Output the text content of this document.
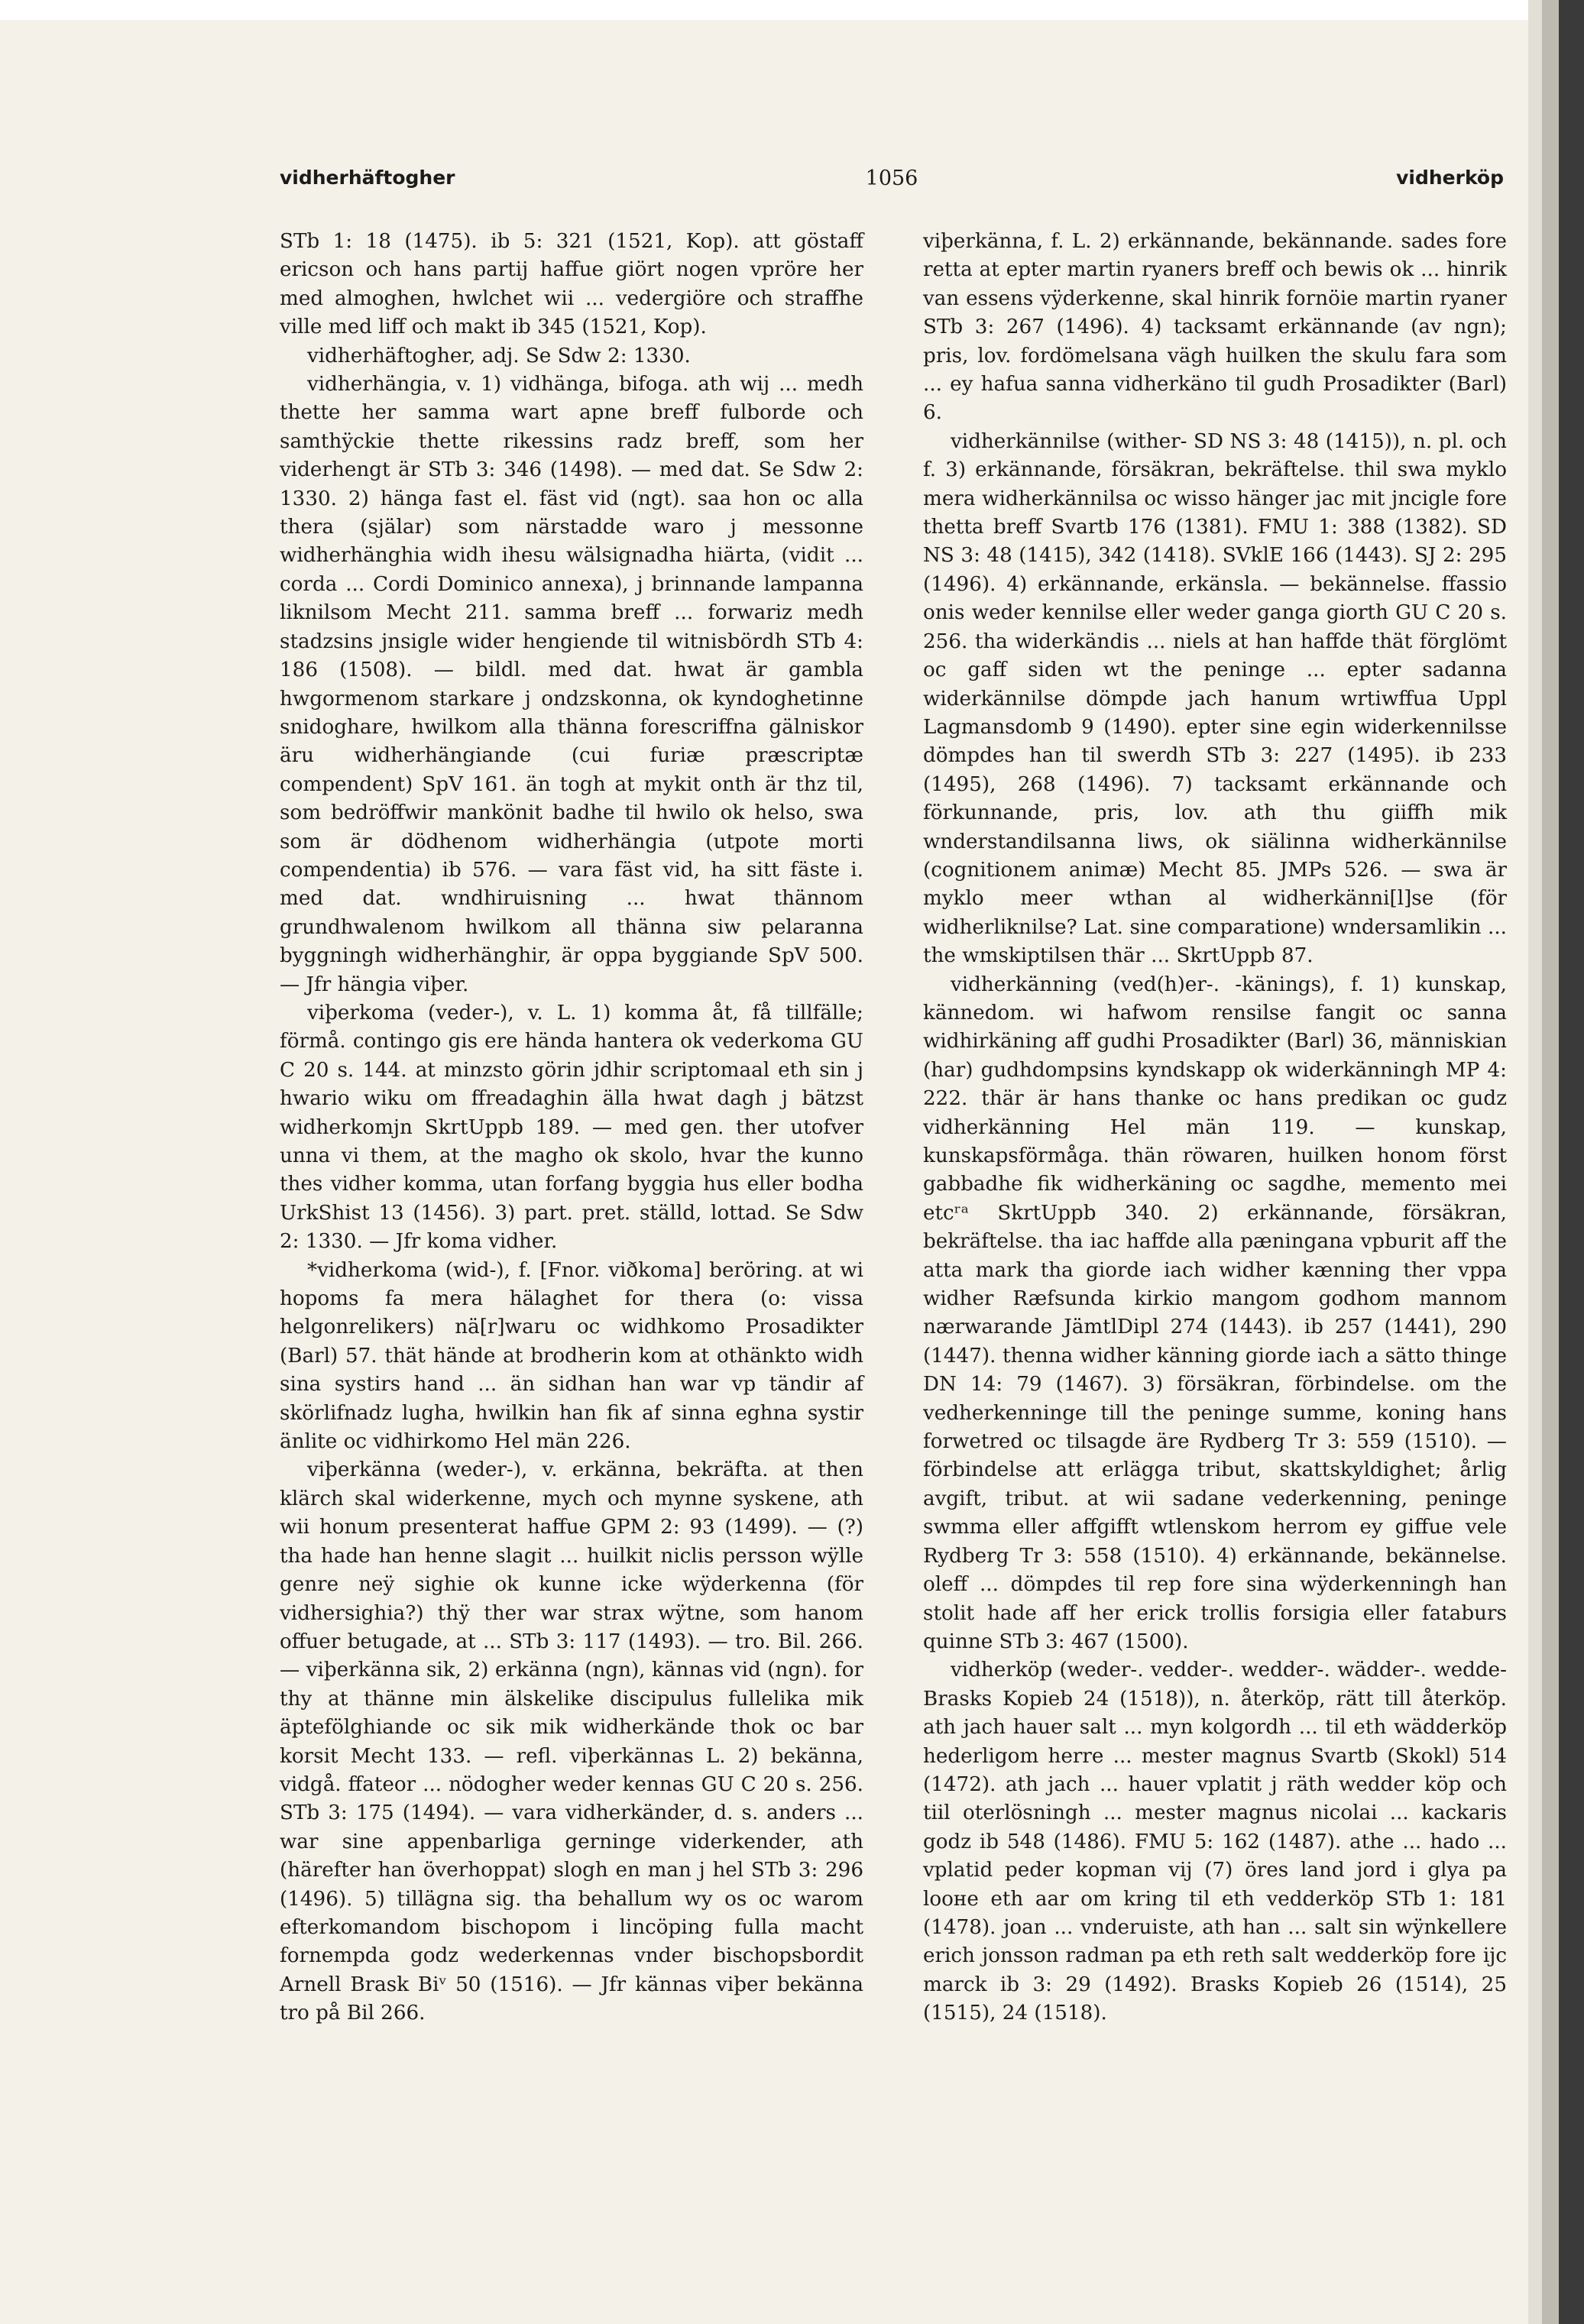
vidherhäftogher	1056	vidherköp

STb 1: 18 (1475). ib 5: 321 (1521, Kop). att göstaff ericson och hans partij haffue giört nogen vpröre her med almoghen, hwlchet wii ... vedergiöre och straffhe ville med liff och makt ib 345 (1521, Kop).

vidherhäftogher, adj. Se Sdw 2: 1330.

vidherhängia, v. 1) vidhänga, bifoga. ath wij ... medh thette her samma wart apne breff fulborde och samthÿckie thette rikessins radz breff, som her viderhengt är STb 3: 346 (1498). — med dat. Se Sdw 2: 1330. 2) hänga fast el. fäst vid (ngt). saa hon oc alla thera (själar) som närstadde waro j messonne widherhänghia widh ihesu wälsignadha hiärta, (vidit ... corda ... Cordi Dominico annexa), j brinnande lampanna liknilsom Mecht 211. samma breff ... forwariz medh stadzsins jnsigle wider hengiende til witnisbördh STb 4: 186 (1508). — bildl. med dat. hwat är gambla hwgormenom starkare j ondzskonna, ok kyndoghetinne snidoghare, hwilkom alla thänna forescriffna gälniskor äru widherhängiande (cui furiæ præscriptæ compendent) SpV 161. än togh at mykit onth är thz til, som bedröffwir mankönit badhe til hwilo ok helso, swa som är dödhenom widherhängia (utpote morti compendentia) ib 576. — vara fäst vid, ha sitt fäste i. med dat. wndhiruisning ... hwat thännom grundhwalenom hwilkom all thänna siw pelaranna byggningh widherhänghir, är oppa byggiande SpV 500. — Jfr hängia viþer.

viþerkoma (veder-), v. L. 1) komma åt, få tillfälle; förmå. contingo gis ere hända hantera ok vederkoma GU C 20 s. 144. at minzsto görin jdhir scriptomaal eth sin j hwario wiku om ffreadaghin älla hwat dagh j bätzst widherkomjn SkrtUppb 189. — med gen. ther utofver unna vi them, at the magho ok skolo, hvar the kunno thes vidher komma, utan forfang byggia hus eller bodha UrkShist 13 (1456). 3) part. pret. ställd, lottad. Se Sdw 2: 1330. — Jfr koma vidher.

*vidherkoma (wid-), f. [Fnor. viðkoma] beröring. at wi hopoms fa mera hälaghet for thera (o: vissa helgonrelikers) nä[r]waru oc widhkomo Prosadikter (Barl) 57. thät hände at brodherin kom at othänkto widh sina systirs hand ... än sidhan han war vp tändir af skörlifnadz lugha, hwilkin han fik af sinna eghna systir änlite oc vidhirkomo Hel män 226.

viþerkänna (weder-), v. erkänna, bekräfta. at then klärch skal widerkenne, mych och mynne syskene, ath wii honum presenterat haffue GPM 2: 93 (1499). — (?) tha hade han henne slagit ... huilkit niclis persson wÿlle genre neÿ sighie ok kunne icke wÿderkenna (för vidhersighia?) thÿ ther war strax wÿtne, som hanom offuer betugade, at ... STb 3: 117 (1493). — tro. Bil. 266. — viþerkänna sik, 2) erkänna (ngn), kännas vid (ngn). for thy at thänne min älskelike discipulus fullelika mik äptefölghiande oc sik mik widherkände thok oc bar korsit Mecht 133. — refl. viþerkännas L. 2) bekänna, vidgå. ffateor ... nödogher weder kennas GU C 20 s. 256. STb 3: 175 (1494). — vara vidherkänder, d. s. anders ... war sine appenbarliga gerninge viderkender, ath (härefter han överhoppat) slogh en man j hel STb 3: 296 (1496). 5) tillägna sig. tha behallum wy os oc warom efterkomandom bischopom i lincöping fulla macht fornempda godz wederkennas vnder bischopsbordit Arnell Brask Biᵛ 50 (1516). — Jfr kännas viþer bekänna tro på Bil 266.

viþerkänna, f. L. 2) erkännande, bekännande. sades fore retta at epter martin ryaners breff och bewis ok ... hinrik van essens vÿderkenne, skal hinrik fornöie martin ryaner STb 3: 267 (1496). 4) tacksamt erkännande (av ngn); pris, lov. fordömelsana vägh huilken the skulu fara som ... ey hafua sanna vidherkäno til gudh Prosadikter (Barl) 6.

vidherkännilse (wither- SD NS 3: 48 (1415)), n. pl. och f. 3) erkännande, försäkran, bekräftelse. thil swa myklo mera widherkännilsa oc wisso hänger jac mit jncigle fore thetta breff Svartb 176 (1381). FMU 1: 388 (1382). SD NS 3: 48 (1415), 342 (1418). SVklE 166 (1443). SJ 2: 295 (1496). 4) erkännande, erkänsla. — bekännelse. ffassio onis weder kennilse eller weder ganga giorth GU C 20 s. 256. tha widerkändis ... niels at han haffde thät förglömt oc gaff siden wt the peninge ... epter sadanna widerkännilse dömpde jach hanum wrtiwffua Uppl Lagmansdomb 9 (1490). epter sine egin widerkennilsse dömpdes han til swerdh STb 3: 227 (1495). ib 233 (1495), 268 (1496). 7) tacksamt erkännande och förkunnande, pris, lov. ath thu giiffh mik wnderstandilsanna liws, ok siälinna widherkännilse (cognitionem animæ) Mecht 85. JMPs 526. — swa är myklo meer wthan al widherkänni[l]se (för widherliknilse? Lat. sine comparatione) wndersamlikin ... the wmskiptilsen thär ... SkrtUppb 87.

vidherkänning (ved(h)er-. -känings), f. 1) kunskap, kännedom. wi hafwom rensilse fangit oc sanna widhirkäning aff gudhi Prosadikter (Barl) 36, människian (har) gudhdompsins kyndskapp ok widerkänningh MP 4: 222. thär är hans thanke oc hans predikan oc gudz vidherkänning Hel män 119. — kunskap, kunskapsförmåga. thän röwaren, huilken honom först gabbadhe fik widherkäning oc sagdhe, memento mei etcʳᵃ SkrtUppb 340. 2) erkännande, försäkran, bekräftelse. tha iac haffde alla pæningana vpburit aff the atta mark tha giorde iach widher kænning ther vppa widher Ræfsunda kirkio mangom godhom mannom nærwarande JämtlDipl 274 (1443). ib 257 (1441), 290 (1447). thenna widher känning giorde iach a sätto thinge DN 14: 79 (1467). 3) försäkran, förbindelse. om the vedherkenninge till the peninge summe, koning hans forwetred oc tilsagde äre Rydberg Tr 3: 559 (1510). — förbindelse att erlägga tribut, skattskyldighet; årlig avgift, tribut. at wii sadane vederkenning, peninge swmma eller affgifft wtlenskom herrom ey giffue vele Rydberg Tr 3: 558 (1510). 4) erkännande, bekännelse. oleff ... dömpdes til rep fore sina wÿderkenningh han stolit hade aff her erick trollis forsigia eller fataburs quinne STb 3: 467 (1500).

vidherköp (weder-. vedder-. wedder-. wädder-. wedde- Brasks Kopieb 24 (1518)), n. återköp, rätt till återköp. ath jach hauer salt ... myn kolgordh ... til eth wädderköp hederligom herre ... mester magnus Svartb (Skokl) 514 (1472). ath jach ... hauer vplatit j räth wedder köp och tiil oterlösningh ... mester magnus nicolai ... kackaris godz ib 548 (1486). FMU 5: 162 (1487). athe ... hado ... vplatid peder kopman vij (7) öres land jord i glya pa looне eth aar om kring til eth vedderköp STb 1: 181 (1478). joan ... vnderuiste, ath han ... salt sin wÿnkellere erich jonsson radman pa eth reth salt wedderköp fore ijc marck ib 3: 29 (1492). Brasks Kopieb 26 (1514), 25 (1515), 24 (1518).
